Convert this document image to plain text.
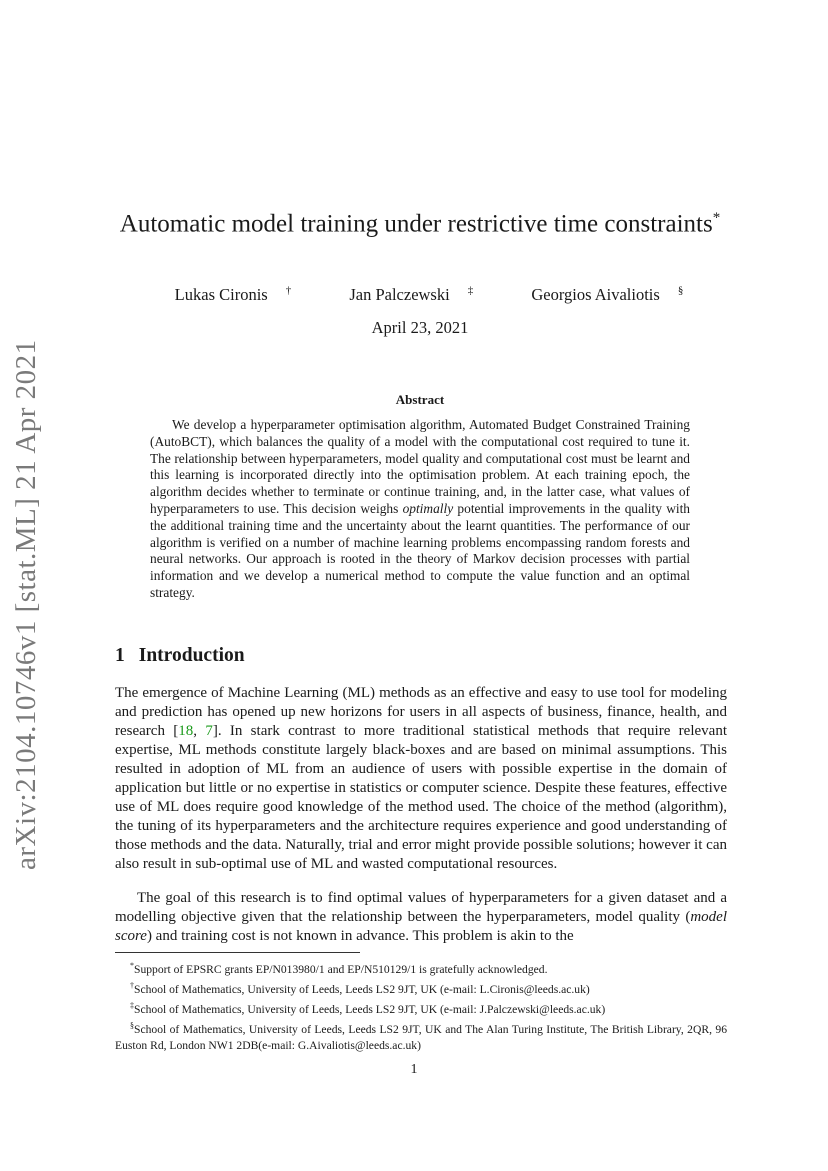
arXiv:2104.10746v1 [stat.ML] 21 Apr 2021
Automatic model training under restrictive time constraints*
Lukas Cironis †	Jan Palczewski ‡	Georgios Aivaliotis §
April 23, 2021
Abstract

We develop a hyperparameter optimisation algorithm, Automated Budget Constrained Training (AutoBCT), which balances the quality of a model with the computational cost required to tune it. The relationship between hyperparameters, model quality and computational cost must be learnt and this learning is incorporated directly into the optimisation problem. At each training epoch, the algorithm decides whether to terminate or continue training, and, in the latter case, what values of hyperparameters to use. This decision weighs optimally potential improvements in the quality with the additional training time and the uncertainty about the learnt quantities. The performance of our algorithm is verified on a number of machine learning problems encompassing random forests and neural networks. Our approach is rooted in the theory of Markov decision processes with partial information and we develop a numerical method to compute the value function and an optimal strategy.

1 Introduction

The emergence of Machine Learning (ML) methods as an effective and easy to use tool for modeling and prediction has opened up new horizons for users in all aspects of business, finance, health, and research [18, 7]. In stark contrast to more traditional statistical methods that require relevant expertise, ML methods constitute largely black-boxes and are based on minimal assumptions. This resulted in adoption of ML from an audience of users with possible expertise in the domain of application but little or no expertise in statistics or computer science. Despite these features, effective use of ML does require good knowledge of the method used. The choice of the method (algorithm), the tuning of its hyperparameters and the architecture requires experience and good understanding of those methods and the data. Naturally, trial and error might provide possible solutions; however it can also result in sub-optimal use of ML and wasted computational resources.

The goal of this research is to find optimal values of hyperparameters for a given dataset and a modelling objective given that the relationship between the hyperparameters, model quality (model score) and training cost is not known in advance. This problem is akin to the

*Support of EPSRC grants EP/N013980/1 and EP/N510129/1 is gratefully acknowledged.
†School of Mathematics, University of Leeds, Leeds LS2 9JT, UK (e-mail: L.Cironis@leeds.ac.uk)
‡School of Mathematics, University of Leeds, Leeds LS2 9JT, UK (e-mail: J.Palczewski@leeds.ac.uk)
§School of Mathematics, University of Leeds, Leeds LS2 9JT, UK and The Alan Turing Institute, The British Library, 2QR, 96 Euston Rd, London NW1 2DB(e-mail: G.Aivaliotis@leeds.ac.uk)
1
